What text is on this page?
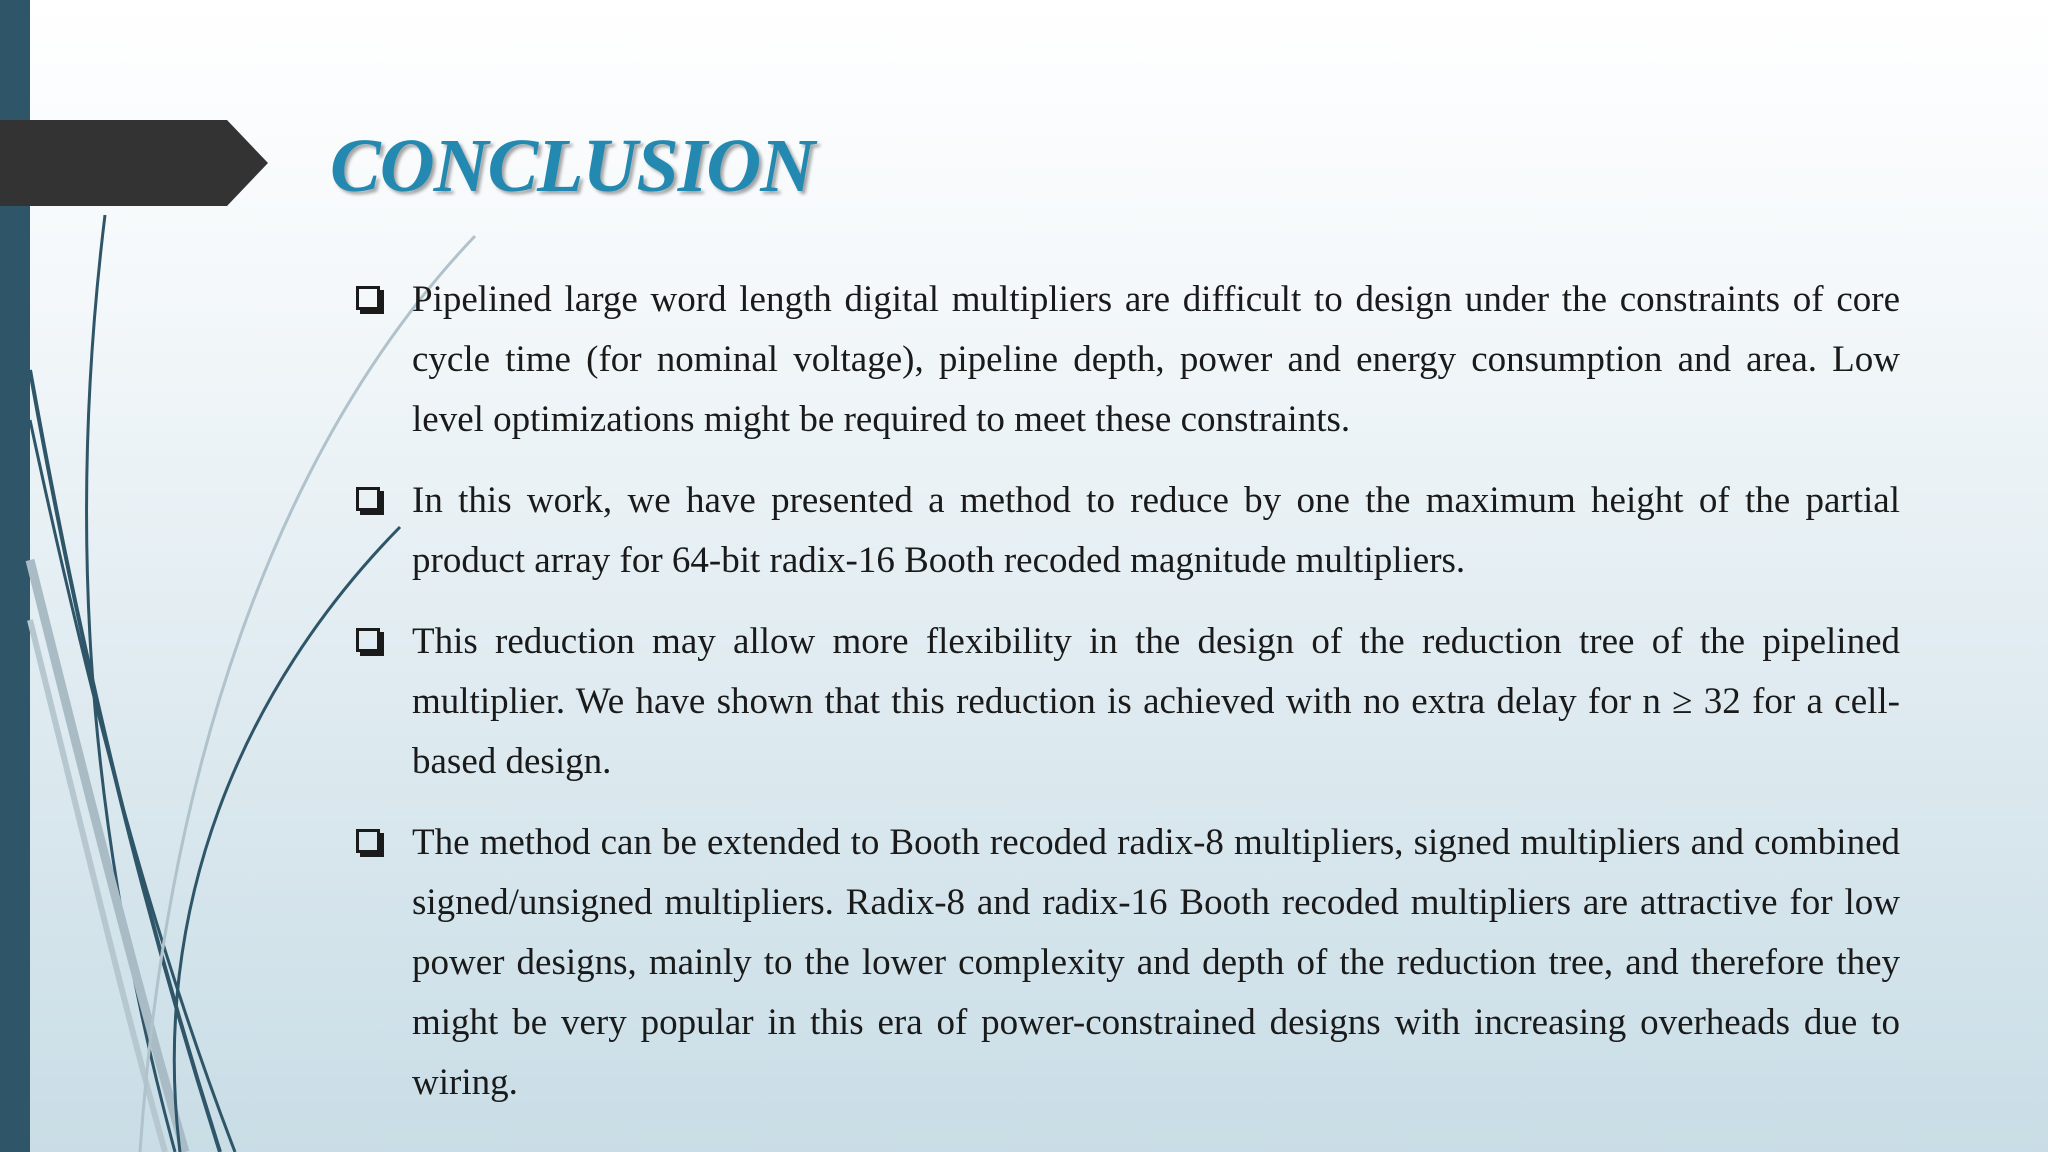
CONCLUSION
Pipelined large word length digital multipliers are difficult to design under the constraints of core cycle time (for nominal voltage), pipeline depth, power and energy consumption and area. Low level optimizations might be required to meet these constraints.
In this work, we have presented a method to reduce by one the maximum height of the partial product array for 64-bit radix-16 Booth recoded magnitude multipliers.
This reduction may allow more flexibility in the design of the reduction tree of the pipelined multiplier. We have shown that this reduction is achieved with no extra delay for n ≥ 32 for a cell-based design.
The method can be extended to Booth recoded radix-8 multipliers, signed multipliers and combined signed/unsigned multipliers. Radix-8 and radix-16 Booth recoded multipliers are attractive for low power designs, mainly to the lower complexity and depth of the reduction tree, and therefore they might be very popular in this era of power-constrained designs with increasing overheads due to wiring.
